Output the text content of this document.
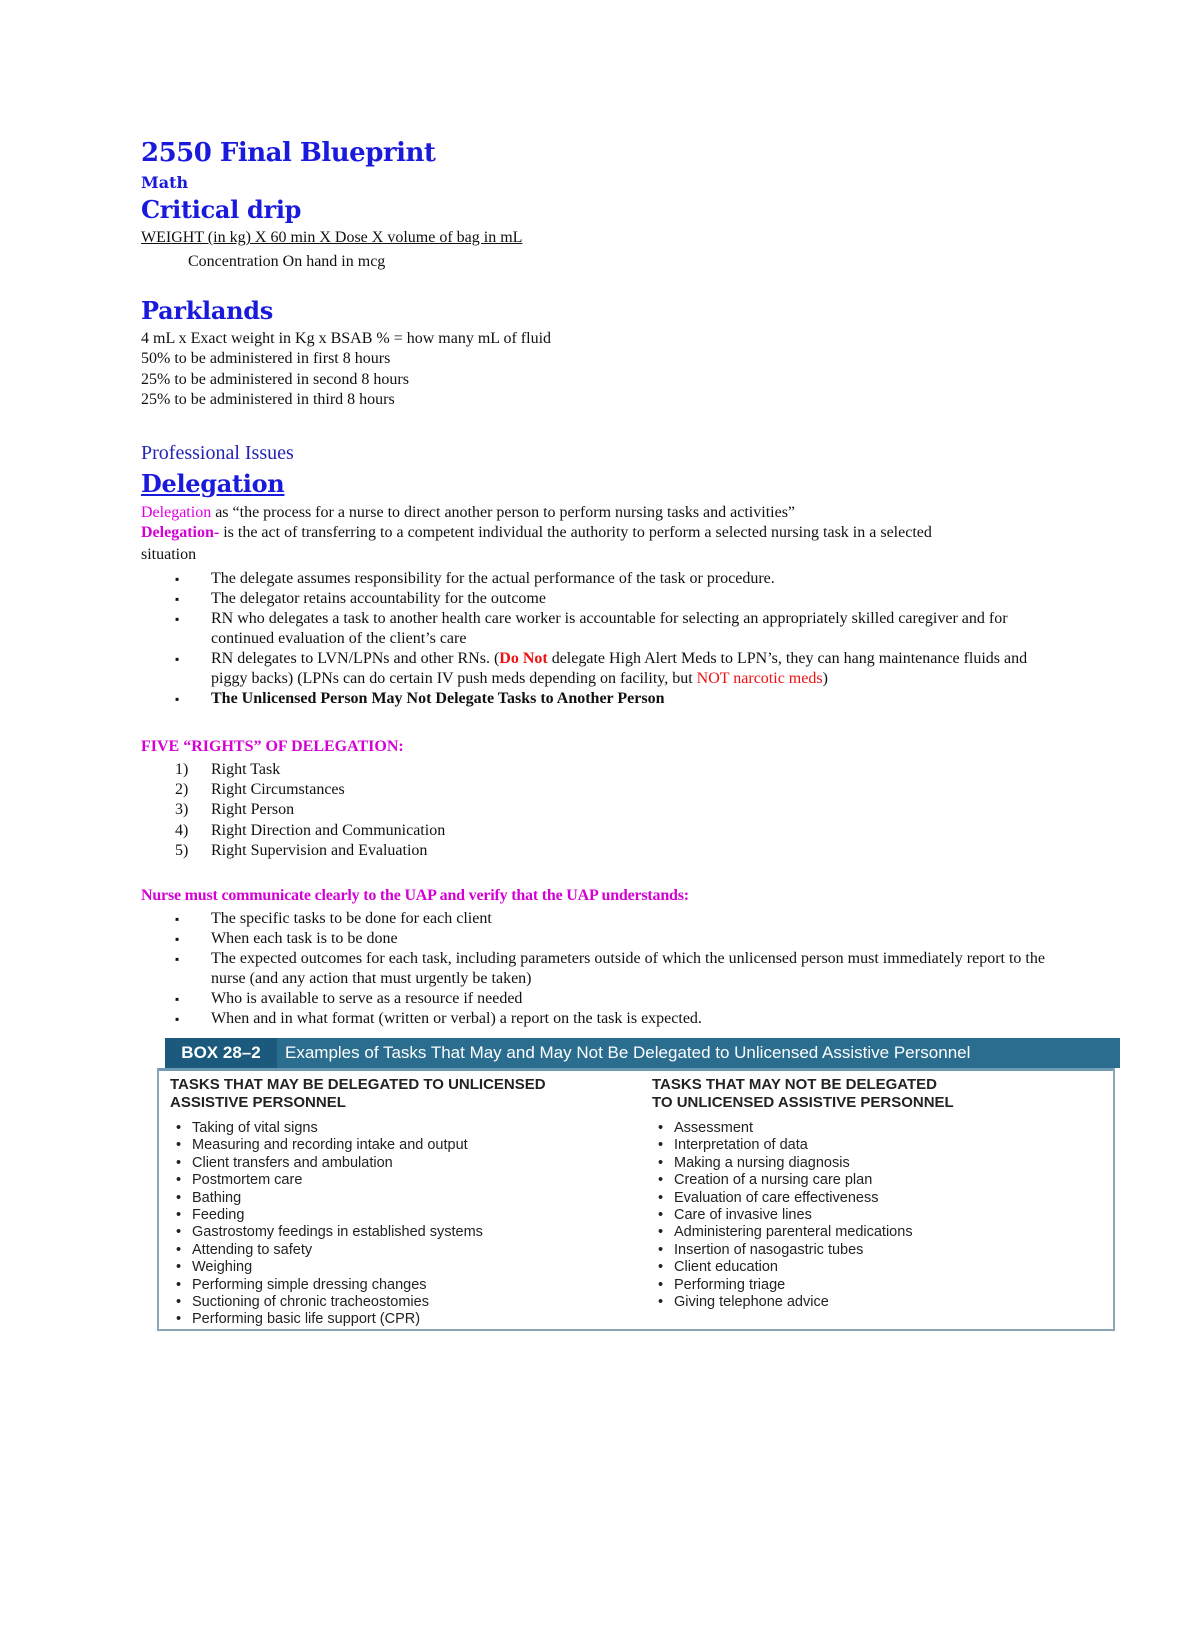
2550 Final Blueprint
Math
Critical drip
WEIGHT (in kg) X 60 min X Dose X volume of bag in mL
Concentration On hand in mcg
Parklands
4 mL x Exact weight in Kg x BSAB % = how many mL of fluid
50% to be administered in first 8 hours
25% to be administered in second 8 hours
25% to be administered in third 8 hours
Professional Issues
Delegation
Delegation as “the process for a nurse to direct another person to perform nursing tasks and activities”
Delegation- is the act of transferring to a competent individual the authority to perform a selected nursing task in a selected
situation
▪	The delegate assumes responsibility for the actual performance of the task or procedure.
▪	The delegator retains accountability for the outcome
▪	RN who delegates a task to another health care worker is accountable for selecting an appropriately skilled caregiver and for continued evaluation of the client’s care
▪	RN delegates to LVN/LPNs and other RNs. (Do Not delegate High Alert Meds to LPN’s, they can hang maintenance fluids and piggy backs) (LPNs can do certain IV push meds depending on facility, but NOT narcotic meds)
▪	The Unlicensed Person May Not Delegate Tasks to Another Person
FIVE “RIGHTS” OF DELEGATION:
1) Right Task
2) Right Circumstances
3) Right Person
4) Right Direction and Communication
5) Right Supervision and Evaluation
Nurse must communicate clearly to the UAP and verify that the UAP understands:
▪	The specific tasks to be done for each client
▪	When each task is to be done
▪	The expected outcomes for each task, including parameters outside of which the unlicensed person must immediately report to the nurse (and any action that must urgently be taken)
▪	Who is available to serve as a resource if needed
▪	When and in what format (written or verbal) a report on the task is expected.
BOX 28–2	Examples of Tasks That May and May Not Be Delegated to Unlicensed Assistive Personnel
TASKS THAT MAY BE DELEGATED TO UNLICENSED
ASSISTIVE PERSONNEL
• Taking of vital signs
• Measuring and recording intake and output
• Client transfers and ambulation
• Postmortem care
• Bathing
• Feeding
• Gastrostomy feedings in established systems
• Attending to safety
• Weighing
• Performing simple dressing changes
• Suctioning of chronic tracheostomies
• Performing basic life support (CPR)
TASKS THAT MAY NOT BE DELEGATED
TO UNLICENSED ASSISTIVE PERSONNEL
• Assessment
• Interpretation of data
• Making a nursing diagnosis
• Creation of a nursing care plan
• Evaluation of care effectiveness
• Care of invasive lines
• Administering parenteral medications
• Insertion of nasogastric tubes
• Client education
• Performing triage
• Giving telephone advice
